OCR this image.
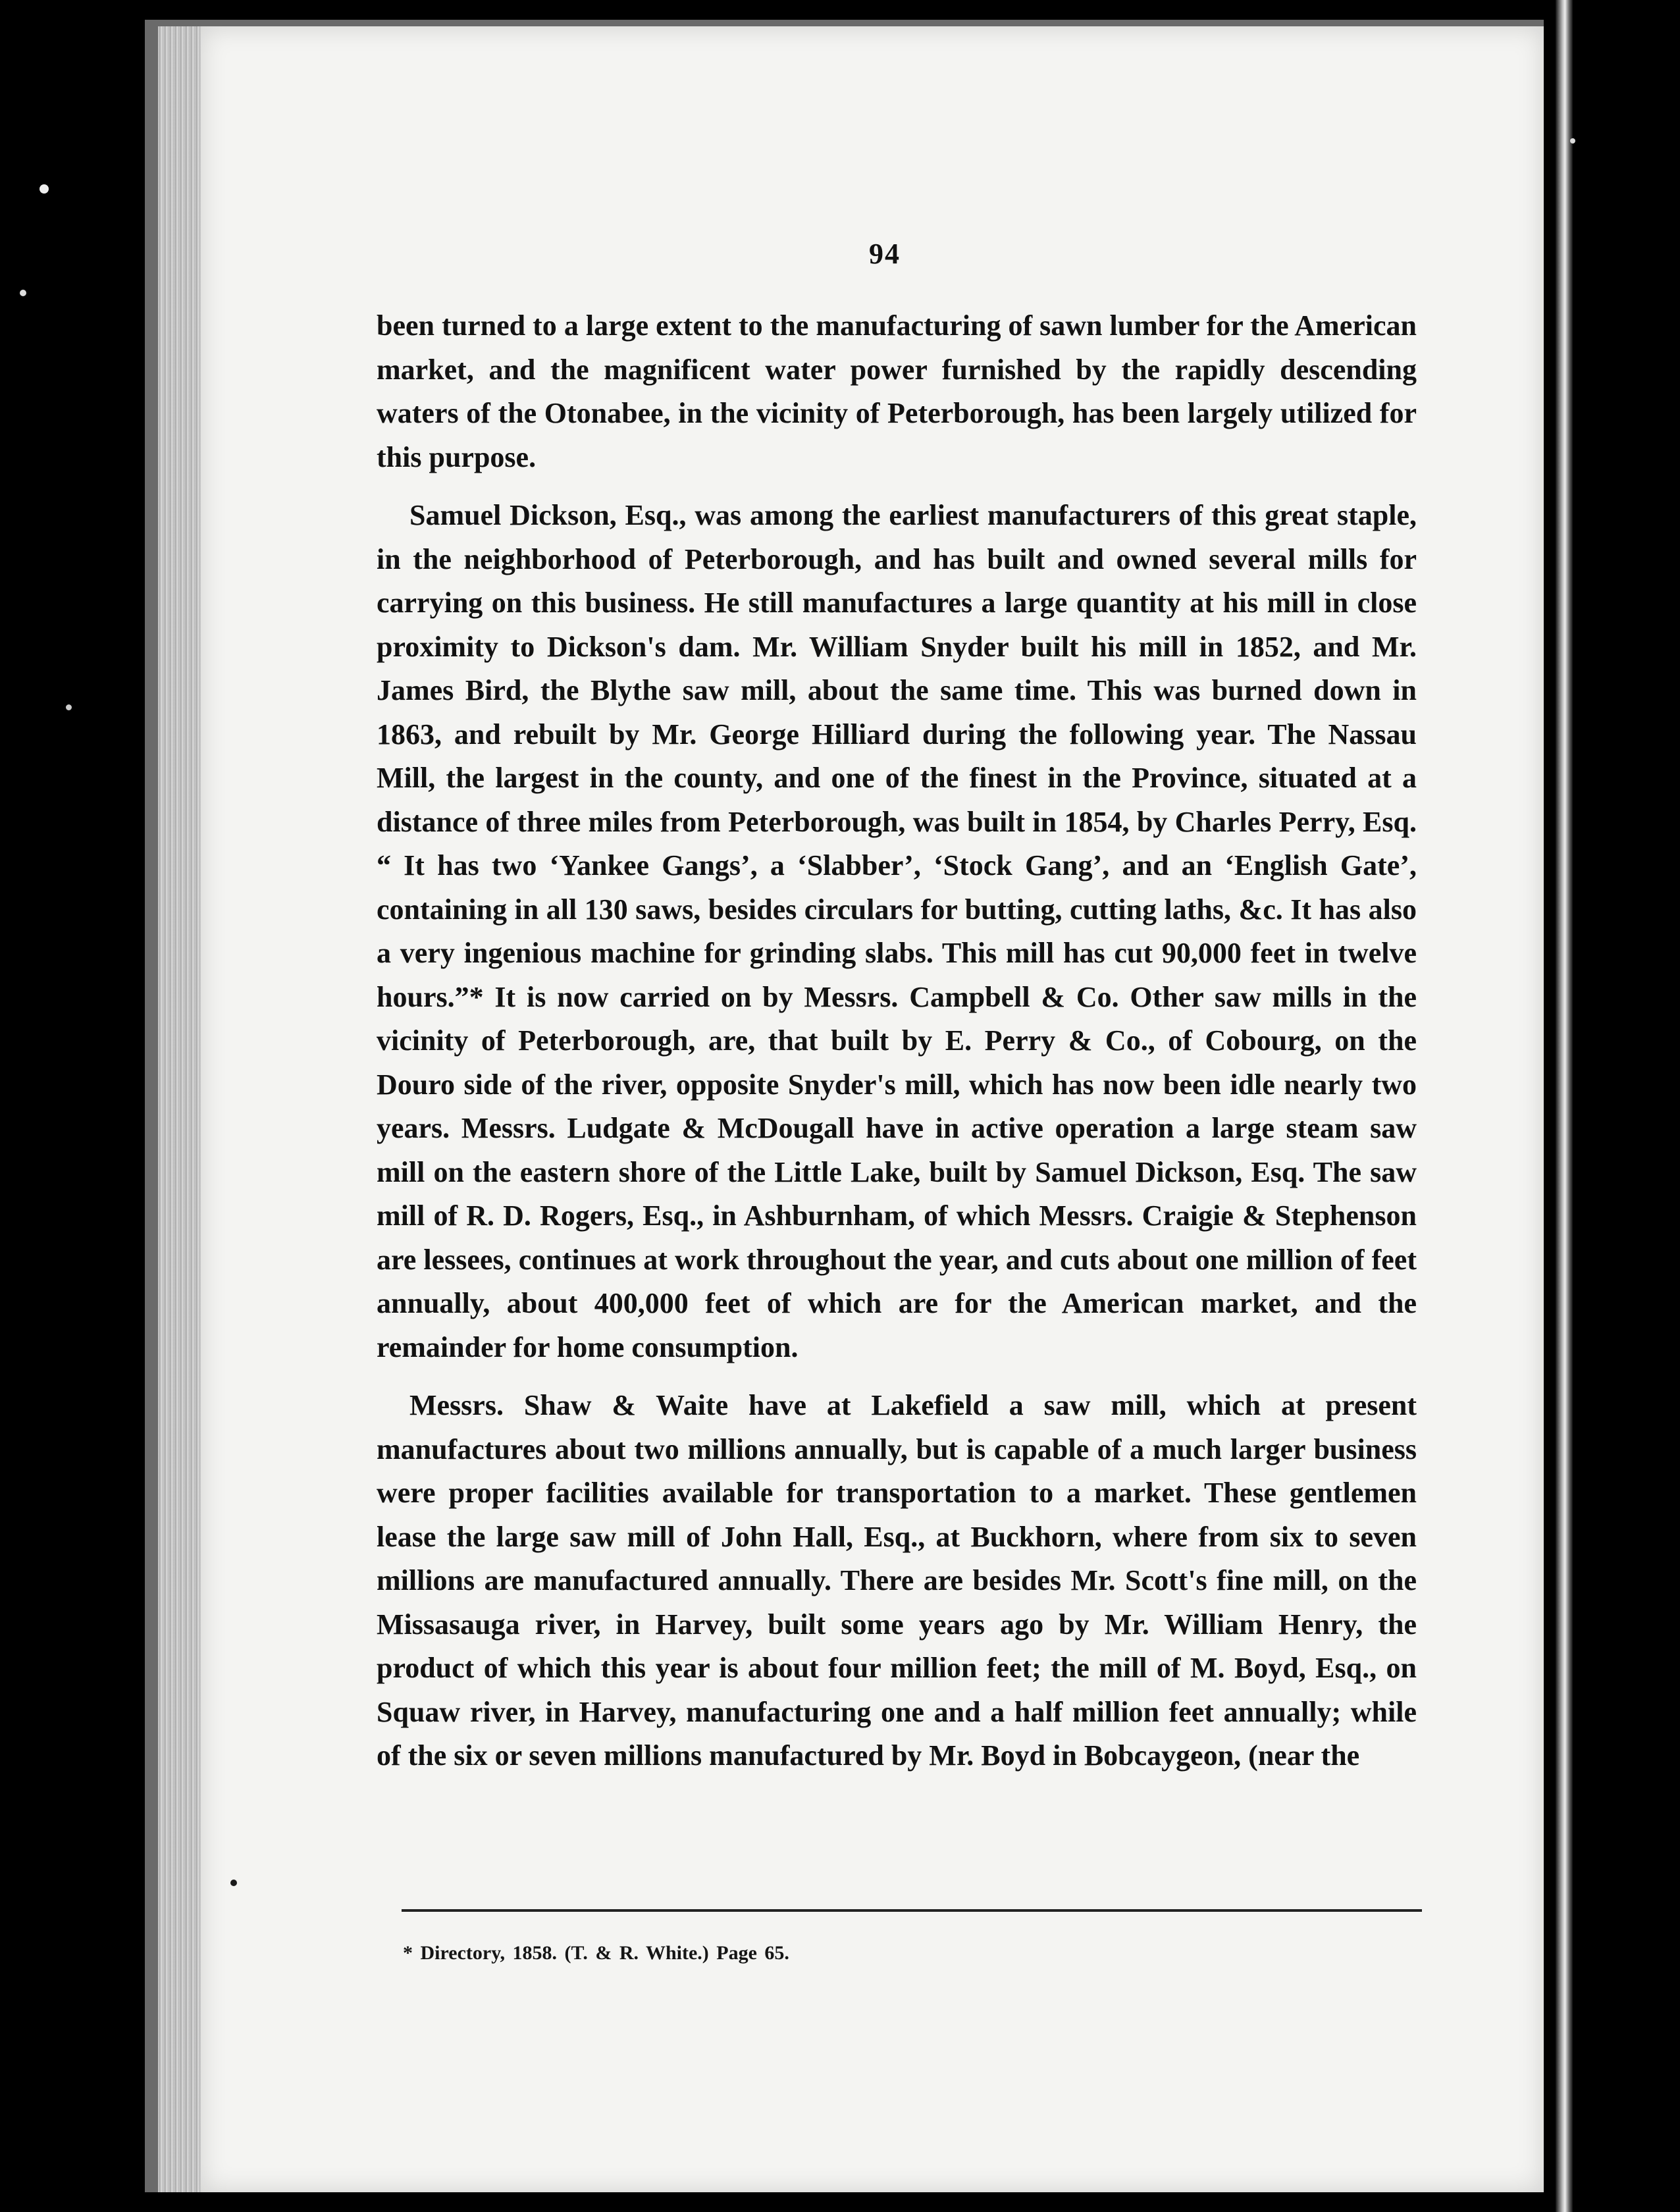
94

been turned to a large extent to the manufacturing of sawn lumber for the American market, and the magnificent water power furnished by the rapidly descending waters of the Otonabee, in the vicinity of Peterborough, has been largely utilized for this purpose.

Samuel Dickson, Esq., was among the earliest manufacturers of this great staple, in the neighborhood of Peterborough, and has built and owned several mills for carrying on this business. He still manufactures a large quantity at his mill in close proximity to Dickson's dam. Mr. William Snyder built his mill in 1852, and Mr. James Bird, the Blythe saw mill, about the same time. This was burned down in 1863, and rebuilt by Mr. George Hilliard during the following year. The Nassau Mill, the largest in the county, and one of the finest in the Province, situated at a distance of three miles from Peterborough, was built in 1854, by Charles Perry, Esq. “ It has two ‘Yankee Gangs’, a ‘Slabber’, ‘Stock Gang’, and an ‘English Gate’, containing in all 130 saws, besides circulars for butting, cutting laths, &c. It has also a very ingenious machine for grinding slabs. This mill has cut 90,000 feet in twelve hours.”* It is now carried on by Messrs. Campbell & Co. Other saw mills in the vicinity of Peterborough, are, that built by E. Perry & Co., of Cobourg, on the Douro side of the river, opposite Snyder's mill, which has now been idle nearly two years. Messrs. Ludgate & McDougall have in active operation a large steam saw mill on the eastern shore of the Little Lake, built by Samuel Dickson, Esq. The saw mill of R. D. Rogers, Esq., in Ashburnham, of which Messrs. Craigie & Stephenson are lessees, continues at work throughout the year, and cuts about one million of feet annually, about 400,000 feet of which are for the American market, and the remainder for home consumption.

Messrs. Shaw & Waite have at Lakefield a saw mill, which at present manufactures about two millions annually, but is capable of a much larger business were proper facilities available for transportation to a market. These gentlemen lease the large saw mill of John Hall, Esq., at Buckhorn, where from six to seven millions are manufactured annually. There are besides Mr. Scott's fine mill, on the Missasauga river, in Harvey, built some years ago by Mr. William Henry, the product of which this year is about four million feet; the mill of M. Boyd, Esq., on Squaw river, in Harvey, manufacturing one and a half million feet annually; while of the six or seven millions manufactured by Mr. Boyd in Bobcaygeon, (near the

* Directory, 1858. (T. & R. White.) Page 65.
